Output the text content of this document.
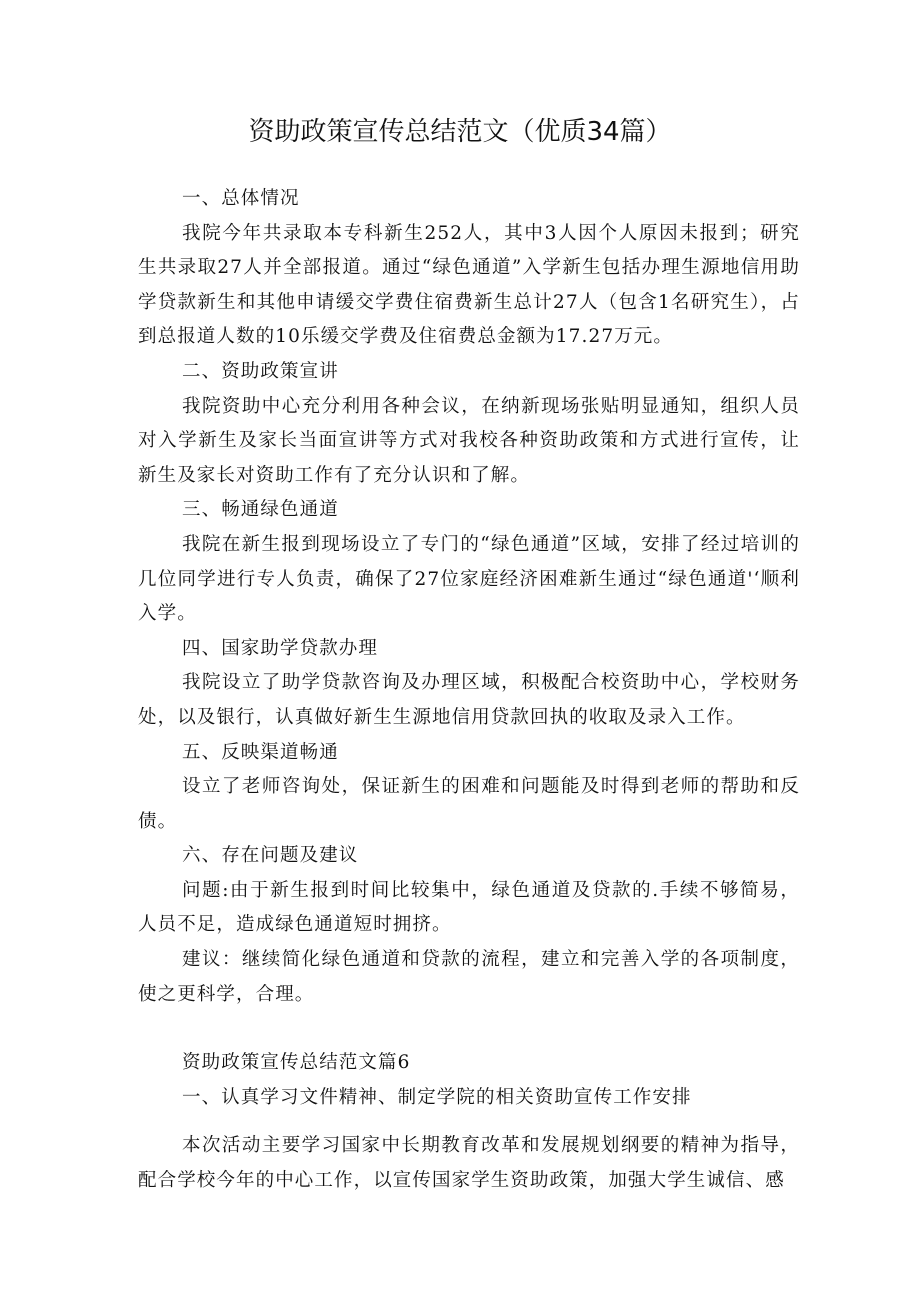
资助政策宣传总结范文（优质34篇）

一、总体情况

我院今年共录取本专科新生252人，其中3人因个人原因未报到；研究生共录取27人并全部报道。通过“绿色通道”入学新生包括办理生源地信用助学贷款新生和其他申请缓交学费住宿费新生总计27人（包含1名研究生），占到总报道人数的10乐缓交学费及住宿费总金额为17.27万元。

二、资助政策宣讲

我院资助中心充分利用各种会议，在纳新现场张贴明显通知，组织人员对入学新生及家长当面宣讲等方式对我校各种资助政策和方式进行宣传，让新生及家长对资助工作有了充分认识和了解。

三、畅通绿色通道

我院在新生报到现场设立了专门的“绿色通道”区域，安排了经过培训的几位同学进行专人负责，确保了27位家庭经济困难新生通过“绿色通道'‘顺利入学。

四、国家助学贷款办理

我院设立了助学贷款咨询及办理区域，积极配合校资助中心，学校财务处，以及银行，认真做好新生生源地信用贷款回执的收取及录入工作。

五、反映渠道畅通

设立了老师咨询处，保证新生的困难和问题能及时得到老师的帮助和反债。

六、存在问题及建议

问题:由于新生报到时间比较集中，绿色通道及贷款的.手续不够简易，人员不足，造成绿色通道短时拥挤。

建议：继续简化绿色通道和贷款的流程，建立和完善入学的各项制度，使之更科学，合理。

资助政策宣传总结范文篇6

一、认真学习文件精神、制定学院的相关资助宣传工作安排

本次活动主要学习国家中长期教育改革和发展规划纲要的精神为指导，配合学校今年的中心工作，以宣传国家学生资助政策，加强大学生诚信、感
